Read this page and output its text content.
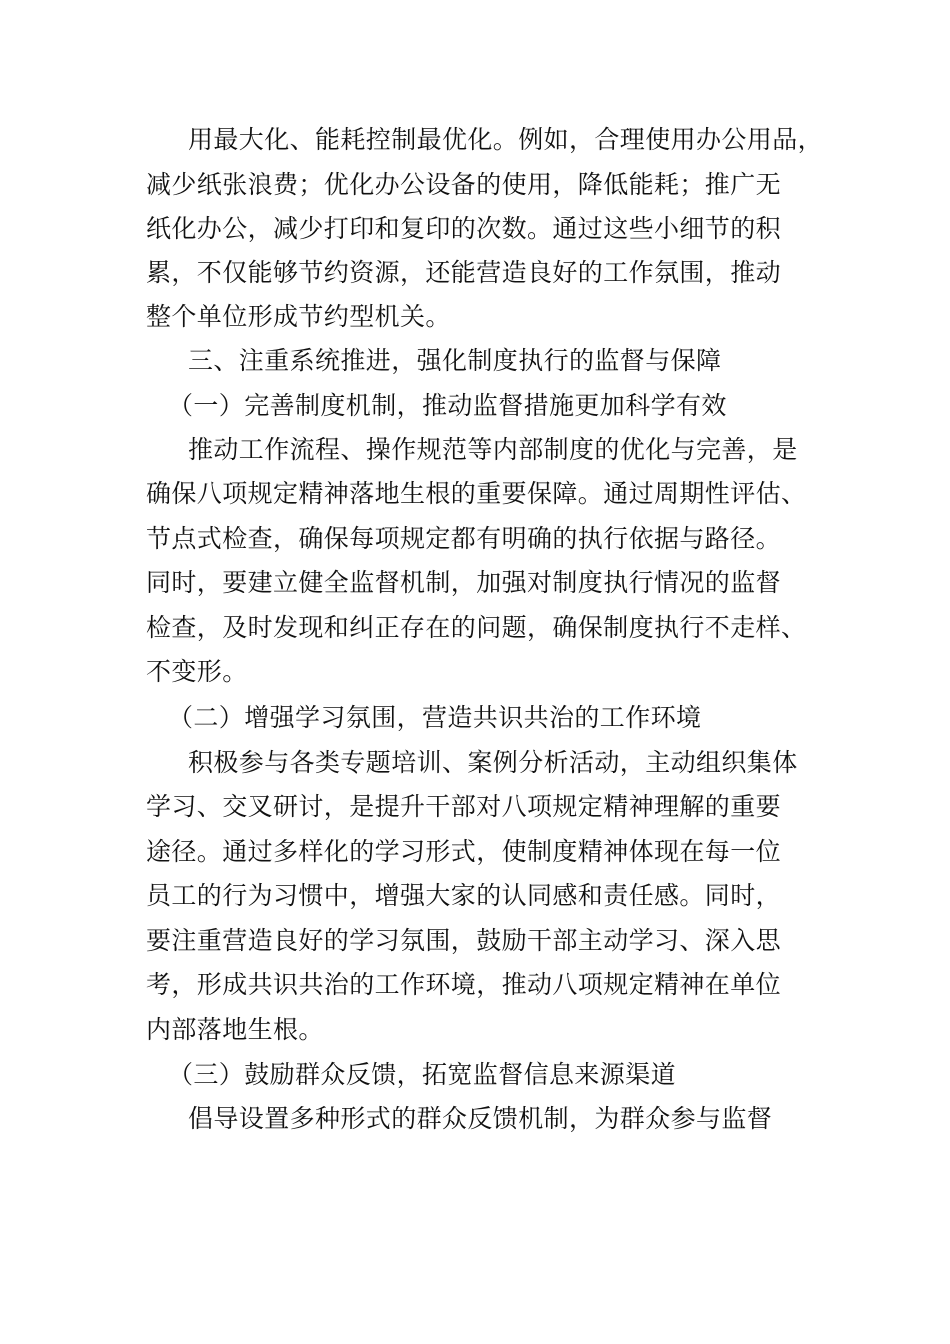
用最大化、能耗控制最优化。例如，合理使用办公用品，

减少纸张浪费；优化办公设备的使用，降低能耗；推广无

纸化办公，减少打印和复印的次数。通过这些小细节的积

累，不仅能够节约资源，还能营造良好的工作氛围，推动

整个单位形成节约型机关。

三、注重系统推进，强化制度执行的监督与保障

（一）完善制度机制，推动监督措施更加科学有效

推动工作流程、操作规范等内部制度的优化与完善，是

确保八项规定精神落地生根的重要保障。通过周期性评估、

节点式检查，确保每项规定都有明确的执行依据与路径。

同时，要建立健全监督机制，加强对制度执行情况的监督

检查，及时发现和纠正存在的问题，确保制度执行不走样、

不变形。

（二）增强学习氛围，营造共识共治的工作环境

积极参与各类专题培训、案例分析活动，主动组织集体

学习、交叉研讨，是提升干部对八项规定精神理解的重要

途径。通过多样化的学习形式，使制度精神体现在每一位

员工的行为习惯中，增强大家的认同感和责任感。同时，

要注重营造良好的学习氛围，鼓励干部主动学习、深入思

考，形成共识共治的工作环境，推动八项规定精神在单位

内部落地生根。

（三）鼓励群众反馈，拓宽监督信息来源渠道

倡导设置多种形式的群众反馈机制，为群众参与监督
